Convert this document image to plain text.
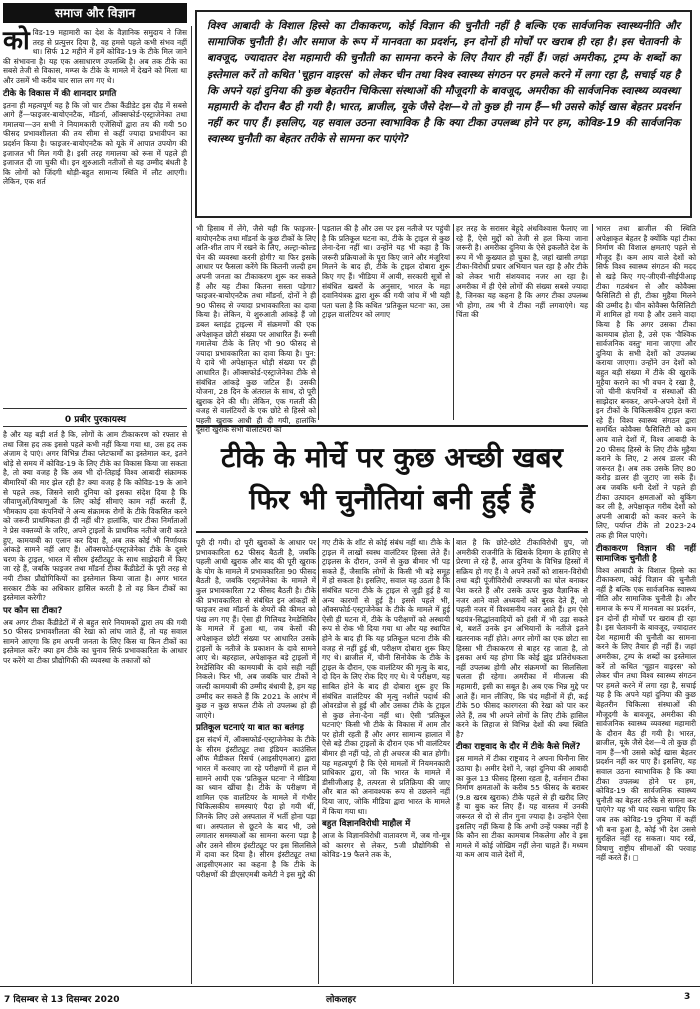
समाज और विज्ञान

कोविड-19 महामारी का देश के वैज्ञानिक समुदाय ने जिस तरह से प्रत्युत्तर दिया है, वह हमसे पहले कभी संभव नहीं था। सिर्फ 12 महीने में हमें कोविड-19 के टीके मिल जाने की संभावना है। यह एक असाधारण उपलब्धि है। अब तक टीके का सबसे तेजी से विकास, मम्प्स के टीके के मामले में देखने को मिला था और उसमें भी करीब चार साल लग गए थे।

टीके के विकास में की शानदार प्रगति

इतना ही महत्वपूर्ण यह है कि जो चार टीका कैंडीडेट इस दौड़ में सबसे आगे हैं—फाइजर-बायोएनटैक, मॉडर्ना, ऑक्सफोर्ड-एस्ट्राजेनेका तथा गमालया—उन सभी ने नियामकारी एजेंसियों द्वारा तय की गयी 50 फीसद प्रभावशीलता की तय सीमा से कहीं ज्यादा प्रभावीपन का प्रदर्शन किया है। फाइजर-बायोएनटैक को यूके में आपात उपयोग की इजाजत भी मिल गयी है। इसी तरह गमालया को रूस में पहले ही इजाजत दी जा चुकी थी। इन शुरुआती नतीजों से यह उम्मीद बंधती है कि लोगों को जिंदगी थोड़ी-बहुत सामान्य स्थिति में लौट आएगी। लेकिन, एक शर्त

0 प्रबीर पुरकायस्थ

है और यह बड़ी शर्त है कि, लोगों के आम टीकाकरण को रफ्तार से तथा जिस हद तक इससे पहले कभी नहीं किया गया था, उस हद तक अंजाम दे पाएं। अगर विभिन्न टीका प्लेटफार्मों का इस्तेमाल कर, इतने थोड़े से समय में कोविड-19 के लिए टीके का विकास किया जा सकता है, तो क्या वजह है कि अब भी दो-तिहाई विश्व आबादी संक्रामक बीमारियों की मार झेल रही है? क्या वजह है कि कोविड-19 के आने से पहले तक, जिसने सारी दुनिया को इसका संदेश दिया है कि जीवाणुओं/विषाणुओं के लिए कोई सीमाएं काम नहीं करती हैं, भीमकाय दवा कंपनियों ने अन्य संक्रामक रोगों के टीके विकसित करने को जरूरी प्राथमिकता ही दी नहीं थी? हालांकि, चार टीका निर्माताओं ने प्रेस वक्तव्यों के जरिए, अपने ट्राइलों के प्राथमिक नतीजे जारी करते हुए, कामयाबी का एलान कर दिया है, अब तक कोई भी निर्णायक आंकड़े सामने नहीं आए हैं। ऑक्सफोर्ड-एस्ट्राजेनेका टीके के दूसरे चरण के ट्राइल, भारत में सीरम इंस्टीट्यूट के साथ साझेदारी में किए जा रहे हैं, जबकि फाइजर तथा मॉडर्ना टीका कैंडीडेटों के पूरी तरह से नयी टीका प्रौद्योगिकियों का इस्तेमाल किया जाता है। अगर भारत सरकार टीके का अधिकार हासिल करती है तो वह किन टीकों का इस्तेमाल करेगी?

पर कौन सा टीका?

अब अगर टीका कैंडीडेटों में से बहुत सारे नियामकों द्वारा तय की गयी 50 फीसद प्रभावशीलता की रेखा को लांघ जाते हैं, तो यह सवाल सामने आएगा कि हम अपनी जनता के लिए किस या किन टीकों का इस्तेमाल करें? क्या हम टीके का चुनाव सिर्फ प्रभावकारिता के आधार पर करेंगे या टीका प्रौद्योगिकी की व्यवस्था के तकाजों को

विश्व आबादी के विशाल हिस्से का टीकाकरण, कोई विज्ञान की चुनौती नहीं है बल्कि एक सार्वजनिक स्वास्थ्यनीति और सामाजिक चुनौती है। और समाज के रूप में मानवता का प्रदर्शन, इन दोनों ही मोर्चों पर खराब ही रहा है। इस चेतावनी के बावजूद, ज्यादातर देश महामारी की चुनौती का सामना करने के लिए तैयार ही नहीं हैं। जहां अमरीका, ट्रम्प के शब्दों का इस्तेमाल करें तो कथित 'चूहान वाइरस' को लेकर चीन तथा विश्व स्वास्थ्य संगठन पर हमले करने में लगा रहा है, सचाई यह है कि अपने यहां दुनिया की कुछ बेहतरीन चिकित्सा संस्थाओं की मौजूदगी के बावजूद, अमरीका की सार्वजनिक स्वास्थ्य व्यवस्था महामारी के दौरान बैठ ही गयी है। भारत, ब्राजील, यूके जैसे देश—ये तो कुछ ही नाम हैं—भी उससे कोई खास बेहतर प्रदर्शन नहीं कर पाए हैं। इसलिए, यह सवाल उठना स्वाभाविक है कि क्या टीका उपलब्ध होने पर हम, कोविड-19 की सार्वजनिक स्वास्थ्य चुनौती का बेहतर तरीके से सामना कर पाएंगे?

भी हिसाब में लेंगे, जैसे यही कि फाइजर-बायोएनटैक तथा मॉडर्ना के कुछ टीकों के लिए अति-शीत ताप में रखने के लिए, अल्ट्रा-कोल्ड चेन की व्यवस्था करनी होगी? या फिर इसके आधार पर फैसला करेंगे कि कितनी जल्दी हम अपनी जनता का टीकाकरण शुरू कर सकते हैं और यह टीका कितना सस्ता पड़ेगा? फाइजर-बायोएनटैक तथा मॉडर्ना, दोनों ने ही 90 फीसद से ज्यादा प्रभावकारिता का दावा किया है। लेकिन, ये शुरुआती आंकड़े हैं जो डबल ब्लाइंड ट्राइल्स में संक्रमणों की एक अपेक्षाकृत छोटी संख्या पर आधारित हैं। रूसी गमालेया टीके के लिए भी 90 फीसद से ज्यादा प्रभावकारिता का दावा किया है। पुन: ये दावे भी अपेक्षाकृत थोड़ी संख्या पर ही आधारित हैं। ऑक्सफोर्ड-एस्ट्राजेनेका टीके से संबंधित आंकड़े कुछ जटिल हैं। उसकी योजना, 28 दिन के अंतराल के साथ, दो पूरी खुराक देने की थी। लेकिन, एक गलती की वजह से वालंटियरों के एक छोटे से हिस्से को पहली खुराक आधी ही दी गयी, हालांकि दूसरी खुराक सभी वालंटियरों को

पड़ताल की है और उस पर इस नतीजे पर पहुंची है कि प्रतिकूल घटना का, टीके के ट्राइल से कुछ लेना-देना नहीं था। उन्होंने यह भी कहा है कि जरूरी प्रक्रियाओं के पूरा किए जाने और मंजूरियां मिलने के बाद ही, टीके के ट्राइल दोबारा शुरू किए गए हैं। भीडिया में आयी, सरकारी सूत्रों से संबंधित खबरों के अनुसार, भारत के महा दवानियंत्रक द्वारा शुरू की गयी जांच में भी यही पता चला है कि कथित 'प्रतिकूल घटना' का, उस ट्राइल वालंटियर को लगाए

हर तरह के सरासर बेहूदे अंधविश्वास फैलाए जा रहे हैं, ऐसे मुद्दों को तेजी से हल किया जाना जरूरी है। अमरीका दुनिया के ऐसे इकलौते देश के रूप में भी कुख्यात हो चुका है, जहां खासी तगड़ा टीका-विरोधी प्रचार अभियान चल रहा है और टीके को लेकर भारी संशयवाद नजर आ रहा है। अमरीका में ही ऐसे लोगों की संख्या सबसे ज्यादा है, जिनका यह कहना है कि अगर टीका उपलब्ध भी होगा, तब भी वे टीका नहीं लगवाएंगे। यह चिंता की

टीके के मोर्चे पर कुछ अच्छी खबर
फिर भी चुनौतियां बनी हुई हैं

पूरी दी गयी। दो पूरी खुराकों के आधार पर प्रभावकारिता 62 फीसद बैठती है, जबकि पहली आधी खुराक और बाद की पूरी खुराक के योग के मामले में प्रभावकारिता 90 फीसद बैठती है, जबकि एस्ट्राजेनेका के मामले में कुल प्रभावकारिता 72 फीसद बैठती है। टीके की प्रभावकारिता से संबंधित इन आंकड़ों से फाइजर तथा मॉडर्ना के शेयरों की कीमत को पंख लग गए हैं। ऐसा ही गिलियड रेमडेसिविर के मामले में हुआ था, जब केसों की अपेक्षाकृत छोटी संख्या पर आधारित उसके ट्राइलों के नतीजे के प्रकाशन के दावे सामने आए थे। बहरहाल, अपेक्षाकृत बड़े ट्राइलों में रेमडेसिविर की कामयाबी के दावे सही नहीं निकले। फिर भी, अब जबकि चार टीकों ने जल्दी कामयाबी की उम्मीद बंधायी है, हम यह उम्मीद कर सकते हैं कि 2021 के आरंभ में कुछ न कुछ सफल टीके तो उपलब्ध हो ही जाएंगे।

प्रतिकूल घटनाएं या बात का बतंगड़

इस संदर्भ में, ऑक्सफोर्ड-एस्ट्राजेनेका के टीके के सीरम इंस्टीट्यूट तथा इंडियन काउंसिल ऑफ मैडीकल रिसर्च (आइसीएमआर) द्वारा भारत में करवाए जा रहे परीक्षणों में हाल में सामने आयी एक 'प्रतिकूल घटना' ने मीडिया का ध्यान खींचा है। टीके के परीक्षण में शामिल एक वालंटियर के मामले में गंभीर चिकित्सकीय समस्याएं पैदा हो गयी थीं, जिनके लिए उसे अस्पताल में भर्ती होना पड़ा था। अस्पताल से छूटने के बाद भी, उसे लगातार समस्याओं का सामना करना पड़ा है और उसने सीरम इंस्टीट्यूट पर इस सिलसिले में दावा कर दिया है। सीरम इंस्टीट्यूट तथा आइसीएमआर का कहना है कि टीके के परीक्षणों की डीएसएमबी कमेटी ने इस मुद्दे की

गए टीके के शॉट से कोई संबंध नहीं था। टीके के ट्राइल में लाखों स्वस्थ वालंटियर हिस्सा लेते हैं। ट्राइलस के दौरान, उनमें से कुछ बीमार भी पड़ सकते हैं, जैसाकि लोगों के किसी भी बड़े समूह में हो सकता है। इसलिए, सवाल यह उठता है कि संबंधित घटना टीके के ट्राइल से जुड़ी हुई है या अन्य कारणों से हुई है। इससे पहले भी, ऑक्सफोर्ड-एस्ट्राजेनेका के टीके के मामले में हुई ऐसी ही घटना में, टीके के परीक्षणों को अस्थायी रूप से रोक भी दिया गया था और यह स्थापित होने के बाद ही कि यह प्रतिकूल घटना टीके की वजह से नहीं हुई थी, परीक्षण दोबारा शुरू किए गए थे। ब्राजील में, चीनी सिनोवेक के टीके के ट्राइल के दौरान, एक वालंटियर की मृत्यु के बाद, दो दिन के लिए रोक दिए गए थे। ये परीक्षण, यह साबित होने के बाद ही दोबारा शुरू हुए कि संबंधित वालंटियर की मृत्यु नशीले पदार्थ की ओवरडोज से हुई थी और उसका टीके के ट्राइल से कुछ लेना-देना नहीं था। ऐसी 'प्रतिकूल घटनाएं' किसी भी टीके के विकास में आम तौर पर होती रहती हैं और अगर सामान्य हालात में ऐसे बड़े टीका ट्राइलों के दौरान एक भी वालंटियर बीमार ही नहीं पड़े, तो ही अचरज की बात होगी। यह महत्वपूर्ण है कि ऐसे मामलों में नियमनकारी प्राधिकार द्वारा, जो कि भारत के मामले में डीसीजीआइ है, तत्परता से प्रतिक्रिया की जाए और बात को अनावश्यक रूप से उछलने नहीं दिया जाए, जोकि मीडिया द्वारा भारत के मामले में किया गया था।

बहुत विज्ञानविरोधी माहौल में

आज के विज्ञानविरोधी वातावरण में, जब गो-मूत्र को कारगर से लेकर, 5जी प्रौद्योगिकी से कोविड-19 फैलने तक के,

बात है कि छोटे-छोटे टीकाविरोधी ग्रुप, जो अमरीकी राजनीति के खिसके दिमाग के हाशिए से प्रेरणा ले रहे हैं, आज दुनिया के विभिन्न हिस्सों में सक्रिय हो गए हैं। वे अपने तर्कों को शासन-विरोधी तथा बड़ी पूंजीविरोधी लफ्फाजी का घोल बनाकर पेश करते हैं और उसके ऊपर कुछ वैज्ञानिक से नजर आने वाले अध्ययनों को बुरक देते हैं, जो पहली नजर में विश्वसनीय नजर आते हैं। हम ऐसे षडयंत्र-सिद्धांतवादियों को हंसी में भी उड़ा सकते थे, बशर्ते उनके इन अभियानों के नतीजे इतने खतरनाक नहीं होते। अगर लोगों का एक छोटा सा हिस्सा भी टीकाकरण से बाहर रह जाता है, तो इसका अर्थ यह होगा कि कोई झुंड प्रतिरोधकता नहीं उपलब्ध होगी और संक्रमणों का सिलसिला चलता ही रहेगा। अमरीका में मीजल्स की महामारी, इसी का सबूत है। अब एक भिन्न मुद्दे पर आते हैं। मान लीजिए, कि चंद महीनों में ही, कई टीके 50 फीसद कारगरता की रेखा को पार कर लेते हैं, तब भी अपने लोगों के लिए टीके हासिल करने के लिहाज से विभिन्न देशों की क्या स्थिति है?

टीका राष्ट्रवाद के दौर में टीके कैसे मिलें?

इस मामले में टीका राष्ट्रवाद ने अपना घिनौना सिर उठाया है। अमीर देशों ने, जहां दुनिया की आबादी का कुल 13 फीसद हिस्सा रहता है, वर्तमान टीका निर्माण क्षमताओं के करीब 55 फीसद के बराबर (9.8 खरब खुराक) टीके पहले से ही खरीद लिए हैं या बुक कर लिए हैं। यह वास्तव में उनकी जरूरत से दो से तीन गुना ज्यादा है। उन्होंने ऐसा इसलिए नहीं किया है कि अभी उन्हें पक्का नहीं है कि कौन सा टीका कामयाब निकलेगा और वे इस मामले में कोई जोखिम नहीं लेना चाहते हैं। मध्यम या कम आय वाले देशों में,

भारत तथा ब्राजील की स्थिति अपेक्षाकृत बेहतर है क्योंकि यहां टीका निर्माण की विशाल क्षमताएं पहले से मौजूद हैं। कम आय वाले देशों को सिर्फ विश्व स्वास्थ्य संगठन की मदद से खड़े किए गए-जीएवी-सीईपीआइ टीका गठबंधन से और कोवैक्स फैसिलिटी से ही, टीका मुहैया मिलने की उम्मीद है। चीन कोवैक्स फैसिलिटी में शामिल हो गया है और उसने वादा किया है कि अगर उसका टीका कामयाब होता है, उसे एक 'वैश्विक सार्वजनिक वस्तु' माना जाएगा और दुनिया के सभी देशों को उपलब्ध कराया जाएगा। उन्होंने उन देशों को बहुत बड़ी संख्या में टीके की खुराकें मुहैया कराने का भी वचन दे रखा है, जो चीनी कंपनियों व संस्थाओं की साझेदार बनकर, अपने-अपने देशों में इन टीकों के चिकित्सकीय ट्राइल करा रहे हैं। विश्व स्वास्थ्य संगठन द्वारा समर्थित कोवैक्स फैसिलिटी को कम आय वाले देशों में, विश्व आबादी के 20 फीसद हिस्से के लिए टीके मुहैया कराने के लिए, 2 अरब डालर की जरूरत है। अब तक उसके लिए 80 करोड़ डालर ही जुटाए जा सके हैं। अब जबकि धनी देशों ने पहले ही टीका उत्पादन क्षमताओं को बुकिंग कर ली है, अपेक्षाकृत गरीब देशों को अपनी आबादी को कवर करने के लिए, पर्याप्त टीके तो 2023-24 तक ही मिल पाएंगे।

टीकाकरण विज्ञान की नहीं सामाजिक चुनौती है

विश्व आबादी के विशाल हिस्से का टीकाकरण, कोई विज्ञान की चुनौती नहीं है बल्कि एक सार्वजनिक स्वास्थ्य नीति और सामाजिक चुनौती है। और समाज के रूप में मानवता का प्रदर्शन, इन दोनों ही मोर्चों पर खराब ही रहा है। इस चेतावनी के बावजूद, ज्यादातर देश महामारी की चुनौती का सामना करने के लिए तैयार ही नहीं हैं। जहां अमरीका, ट्रम्प के शब्दों का इस्तेमाल करें तो कथित 'चूहान वाइरस' को लेकर चीन तथा विश्व स्वास्थ्य संगठन पर हमले करने में लगा रहा है, सचाई यह है कि अपने यहां दुनिया की कुछ बेहतरीन चिकित्सा संस्थाओं की मौजूदगी के बावजूद, अमरीका की सार्वजनिक स्वास्थ्य व्यवस्था महामारी के दौरान बैठ ही गयी है। भारत, ब्राजील, यूके जैसे देश—ये तो कुछ ही नाम हैं—भी उससे कोई खास बेहतर प्रदर्शन नहीं कर पाए हैं। इसलिए, यह सवाल उठना स्वाभाविक है कि क्या टीका उपलब्ध होने पर हम, कोविड-19 की सार्वजनिक स्वास्थ्य चुनौती का बेहतर तरीके से सामना कर पाएंगे? यह भी याद रखना चाहिए कि जब तक कोविड-19 दुनिया में कहीं भी बना हुआ है, कोई भी देश उससे सुरक्षित नहीं रह सकता। याद रखें, विषाणु राष्ट्रीय सीमाओं की परवाह नहीं करते हैं। ◻

7 दिसम्बर से 13 दिसम्बर 2020	लोकलहर	3
